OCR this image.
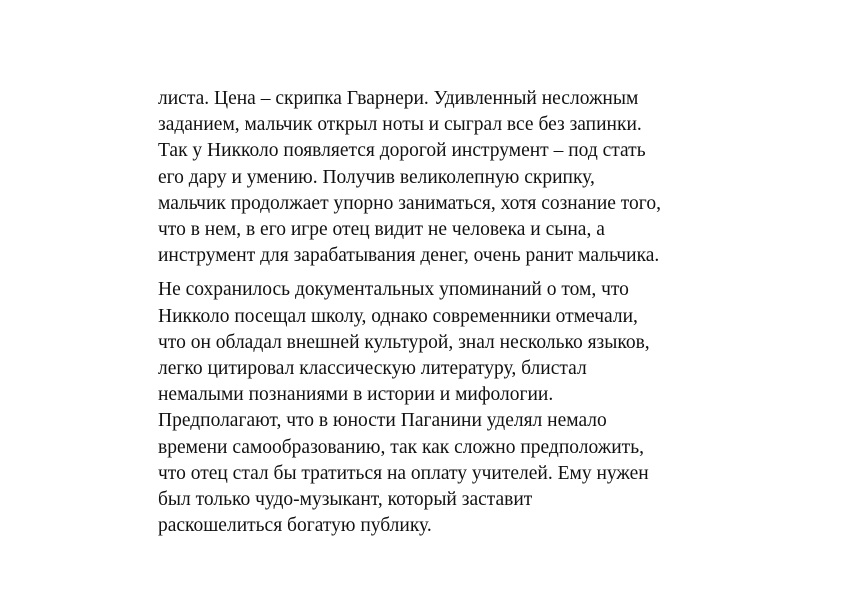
листа. Цена – скрипка Гварнери. Удивленный несложным
заданием, мальчик открыл ноты и сыграл все без запинки.
Так у Никколо появляется дорогой инструмент – под стать
его дару и умению. Получив великолепную скрипку,
мальчик продолжает упорно заниматься, хотя сознание того,
что в нем, в его игре отец видит не человека и сына, а
инструмент для зарабатывания денег, очень ранит мальчика.

Не сохранилось документальных упоминаний о том, что
Никколо посещал школу, однако современники отмечали,
что он обладал внешней культурой, знал несколько языков,
легко цитировал классическую литературу, блистал
немалыми познаниями в истории и мифологии.
Предполагают, что в юности Паганини уделял немало
времени самообразованию, так как сложно предположить,
что отец стал бы тратиться на оплату учителей. Ему нужен
был только чудо-музыкант, который заставит
раскошелиться богатую публику.
